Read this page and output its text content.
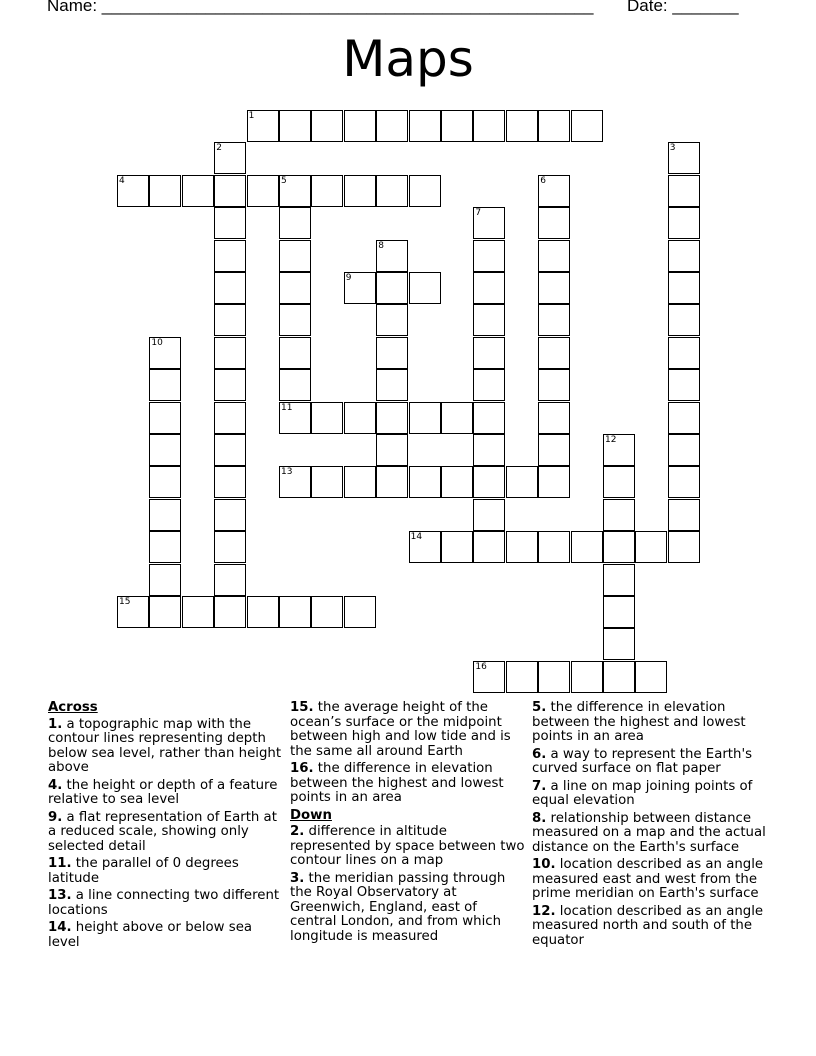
Name: ____________________________________________________ Date: _______
Maps
1
2	3
4	5	6
7
8
9
10
11
12
13
14
15
16
Across
1. a topographic map with the contour lines representing depth below sea level, rather than height above
4. the height or depth of a feature relative to sea level
9. a flat representation of Earth at a reduced scale, showing only selected detail
11. the parallel of 0 degrees latitude
13. a line connecting two different locations
14. height above or below sea level
15. the average height of the ocean’s surface or the midpoint between high and low tide and is the same all around Earth
16. the difference in elevation between the highest and lowest points in an area
Down
2. difference in altitude represented by space between two contour lines on a map
3. the meridian passing through the Royal Observatory at Greenwich, England, east of central London, and from which longitude is measured
5. the difference in elevation between the highest and lowest points in an area
6. a way to represent the Earth's curved surface on flat paper
7. a line on map joining points of equal elevation
8. relationship between distance measured on a map and the actual distance on the Earth's surface
10. location described as an angle measured east and west from the prime meridian on Earth's surface
12. location described as an angle measured north and south of the equator
